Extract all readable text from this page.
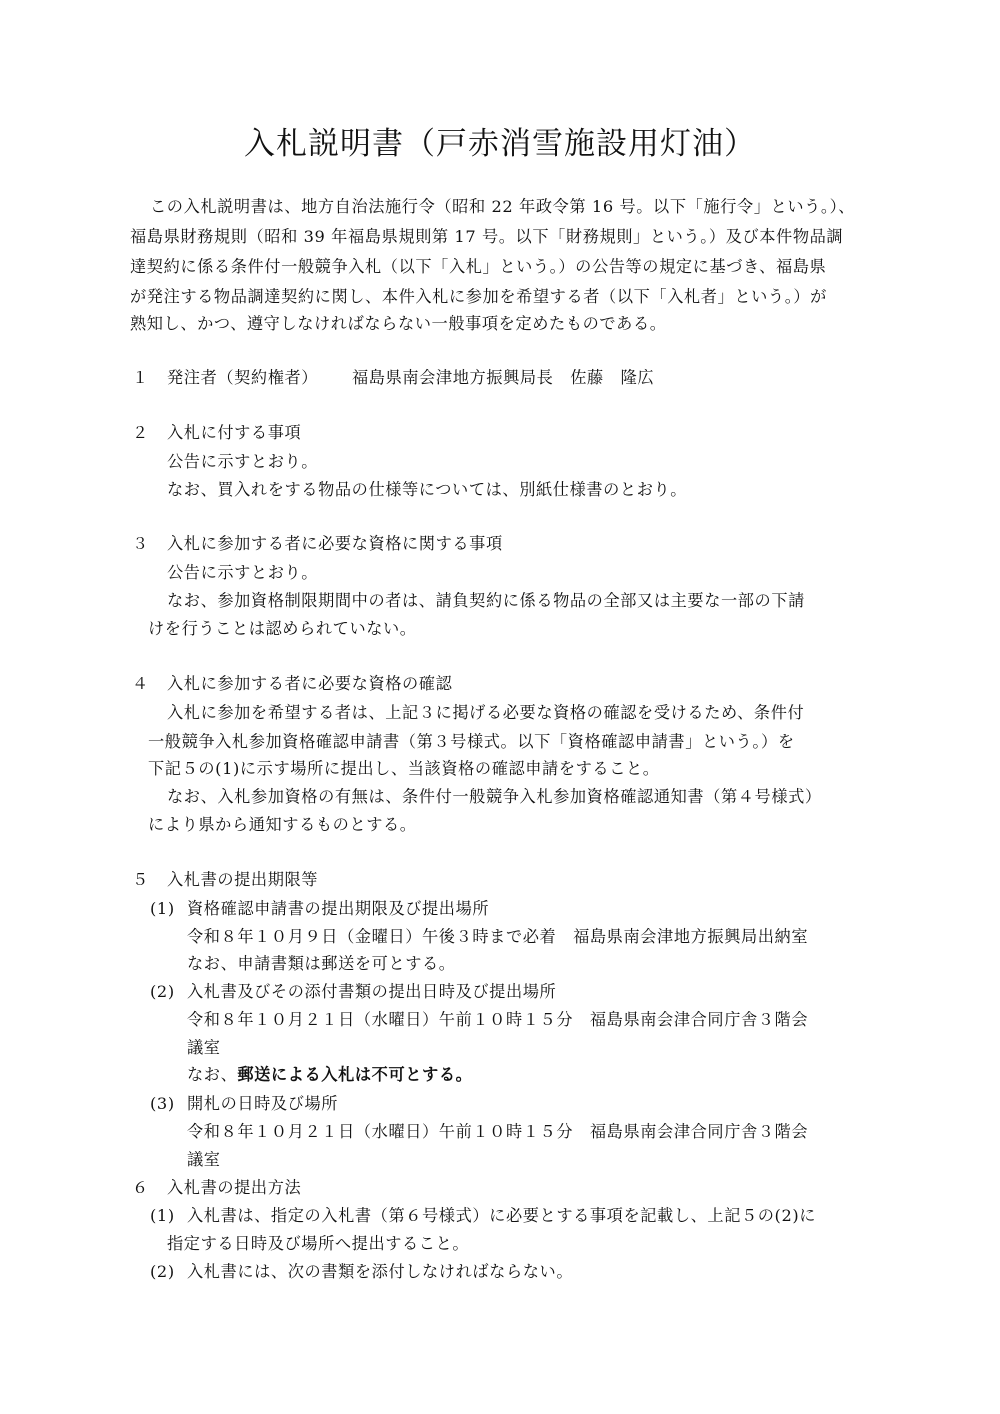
入札説明書（戸赤消雪施設用灯油）
この入札説明書は、地方自治法施行令（昭和 22 年政令第 16 号。以下「施行令」という。）、
福島県財務規則（昭和 39 年福島県規則第 17 号。以下「財務規則」という。）及び本件物品調
達契約に係る条件付一般競争入札（以下「入札」という。）の公告等の規定に基づき、福島県
が発注する物品調達契約に関し、本件入札に参加を希望する者（以下「入札者」という。）が
熟知し、かつ、遵守しなければならない一般事項を定めたものである。
１ 発注者（契約権者） 福島県南会津地方振興局長　佐藤　隆広
２ 入札に付する事項
公告に示すとおり。
なお、買入れをする物品の仕様等については、別紙仕様書のとおり。
３ 入札に参加する者に必要な資格に関する事項
公告に示すとおり。
なお、参加資格制限期間中の者は、請負契約に係る物品の全部又は主要な一部の下請
けを行うことは認められていない。
４ 入札に参加する者に必要な資格の確認
入札に参加を希望する者は、上記３に掲げる必要な資格の確認を受けるため、条件付
一般競争入札参加資格確認申請書（第３号様式。以下「資格確認申請書」という。）を
下記５の(1)に示す場所に提出し、当該資格の確認申請をすること。
なお、入札参加資格の有無は、条件付一般競争入札参加資格確認通知書（第４号様式）
により県から通知するものとする。
５ 入札書の提出期限等
(1) 資格確認申請書の提出期限及び提出場所
令和８年１０月９日（金曜日）午後３時まで必着　福島県南会津地方振興局出納室
なお、申請書類は郵送を可とする。
(2) 入札書及びその添付書類の提出日時及び提出場所
令和８年１０月２１日（水曜日）午前１０時１５分　福島県南会津合同庁舎３階会
議室
なお、郵送による入札は不可とする。
(3) 開札の日時及び場所
令和８年１０月２１日（水曜日）午前１０時１５分　福島県南会津合同庁舎３階会
議室
６ 入札書の提出方法
(1) 入札書は、指定の入札書（第６号様式）に必要とする事項を記載し、上記５の(2)に
指定する日時及び場所へ提出すること。
(2) 入札書には、次の書類を添付しなければならない。
